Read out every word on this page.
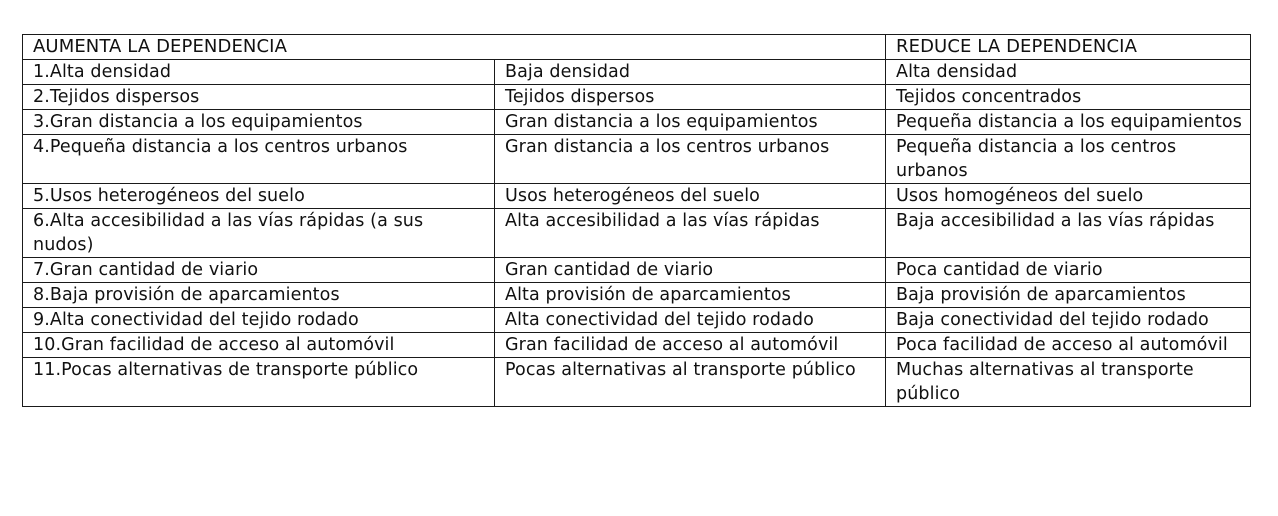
AUMENTA LA DEPENDENCIA		REDUCE LA DEPENDENCIA
1.Alta densidad	Baja densidad	Alta densidad
2.Tejidos dispersos	Tejidos dispersos	Tejidos concentrados
3.Gran distancia a los equipamientos	Gran distancia a los equipamientos	Pequeña distancia a los equipamientos
4.Pequeña distancia a los centros urbanos	Gran distancia a los centros urbanos	Pequeña distancia a los centros urbanos
5.Usos heterogéneos del suelo	Usos heterogéneos del suelo	Usos homogéneos del suelo
6.Alta accesibilidad a las vías rápidas (a sus nudos)	Alta accesibilidad a las vías rápidas	Baja accesibilidad a las vías rápidas
7.Gran cantidad de viario	Gran cantidad de viario	Poca cantidad de viario
8.Baja provisión de aparcamientos	Alta provisión de aparcamientos	Baja provisión de aparcamientos
9.Alta conectividad del tejido rodado	Alta conectividad del tejido rodado	Baja conectividad del tejido rodado
10.Gran facilidad de acceso al automóvil	Gran facilidad de acceso al automóvil	Poca facilidad de acceso al automóvil
11.Pocas alternativas de transporte público	Pocas alternativas al transporte público	Muchas alternativas al transporte público
